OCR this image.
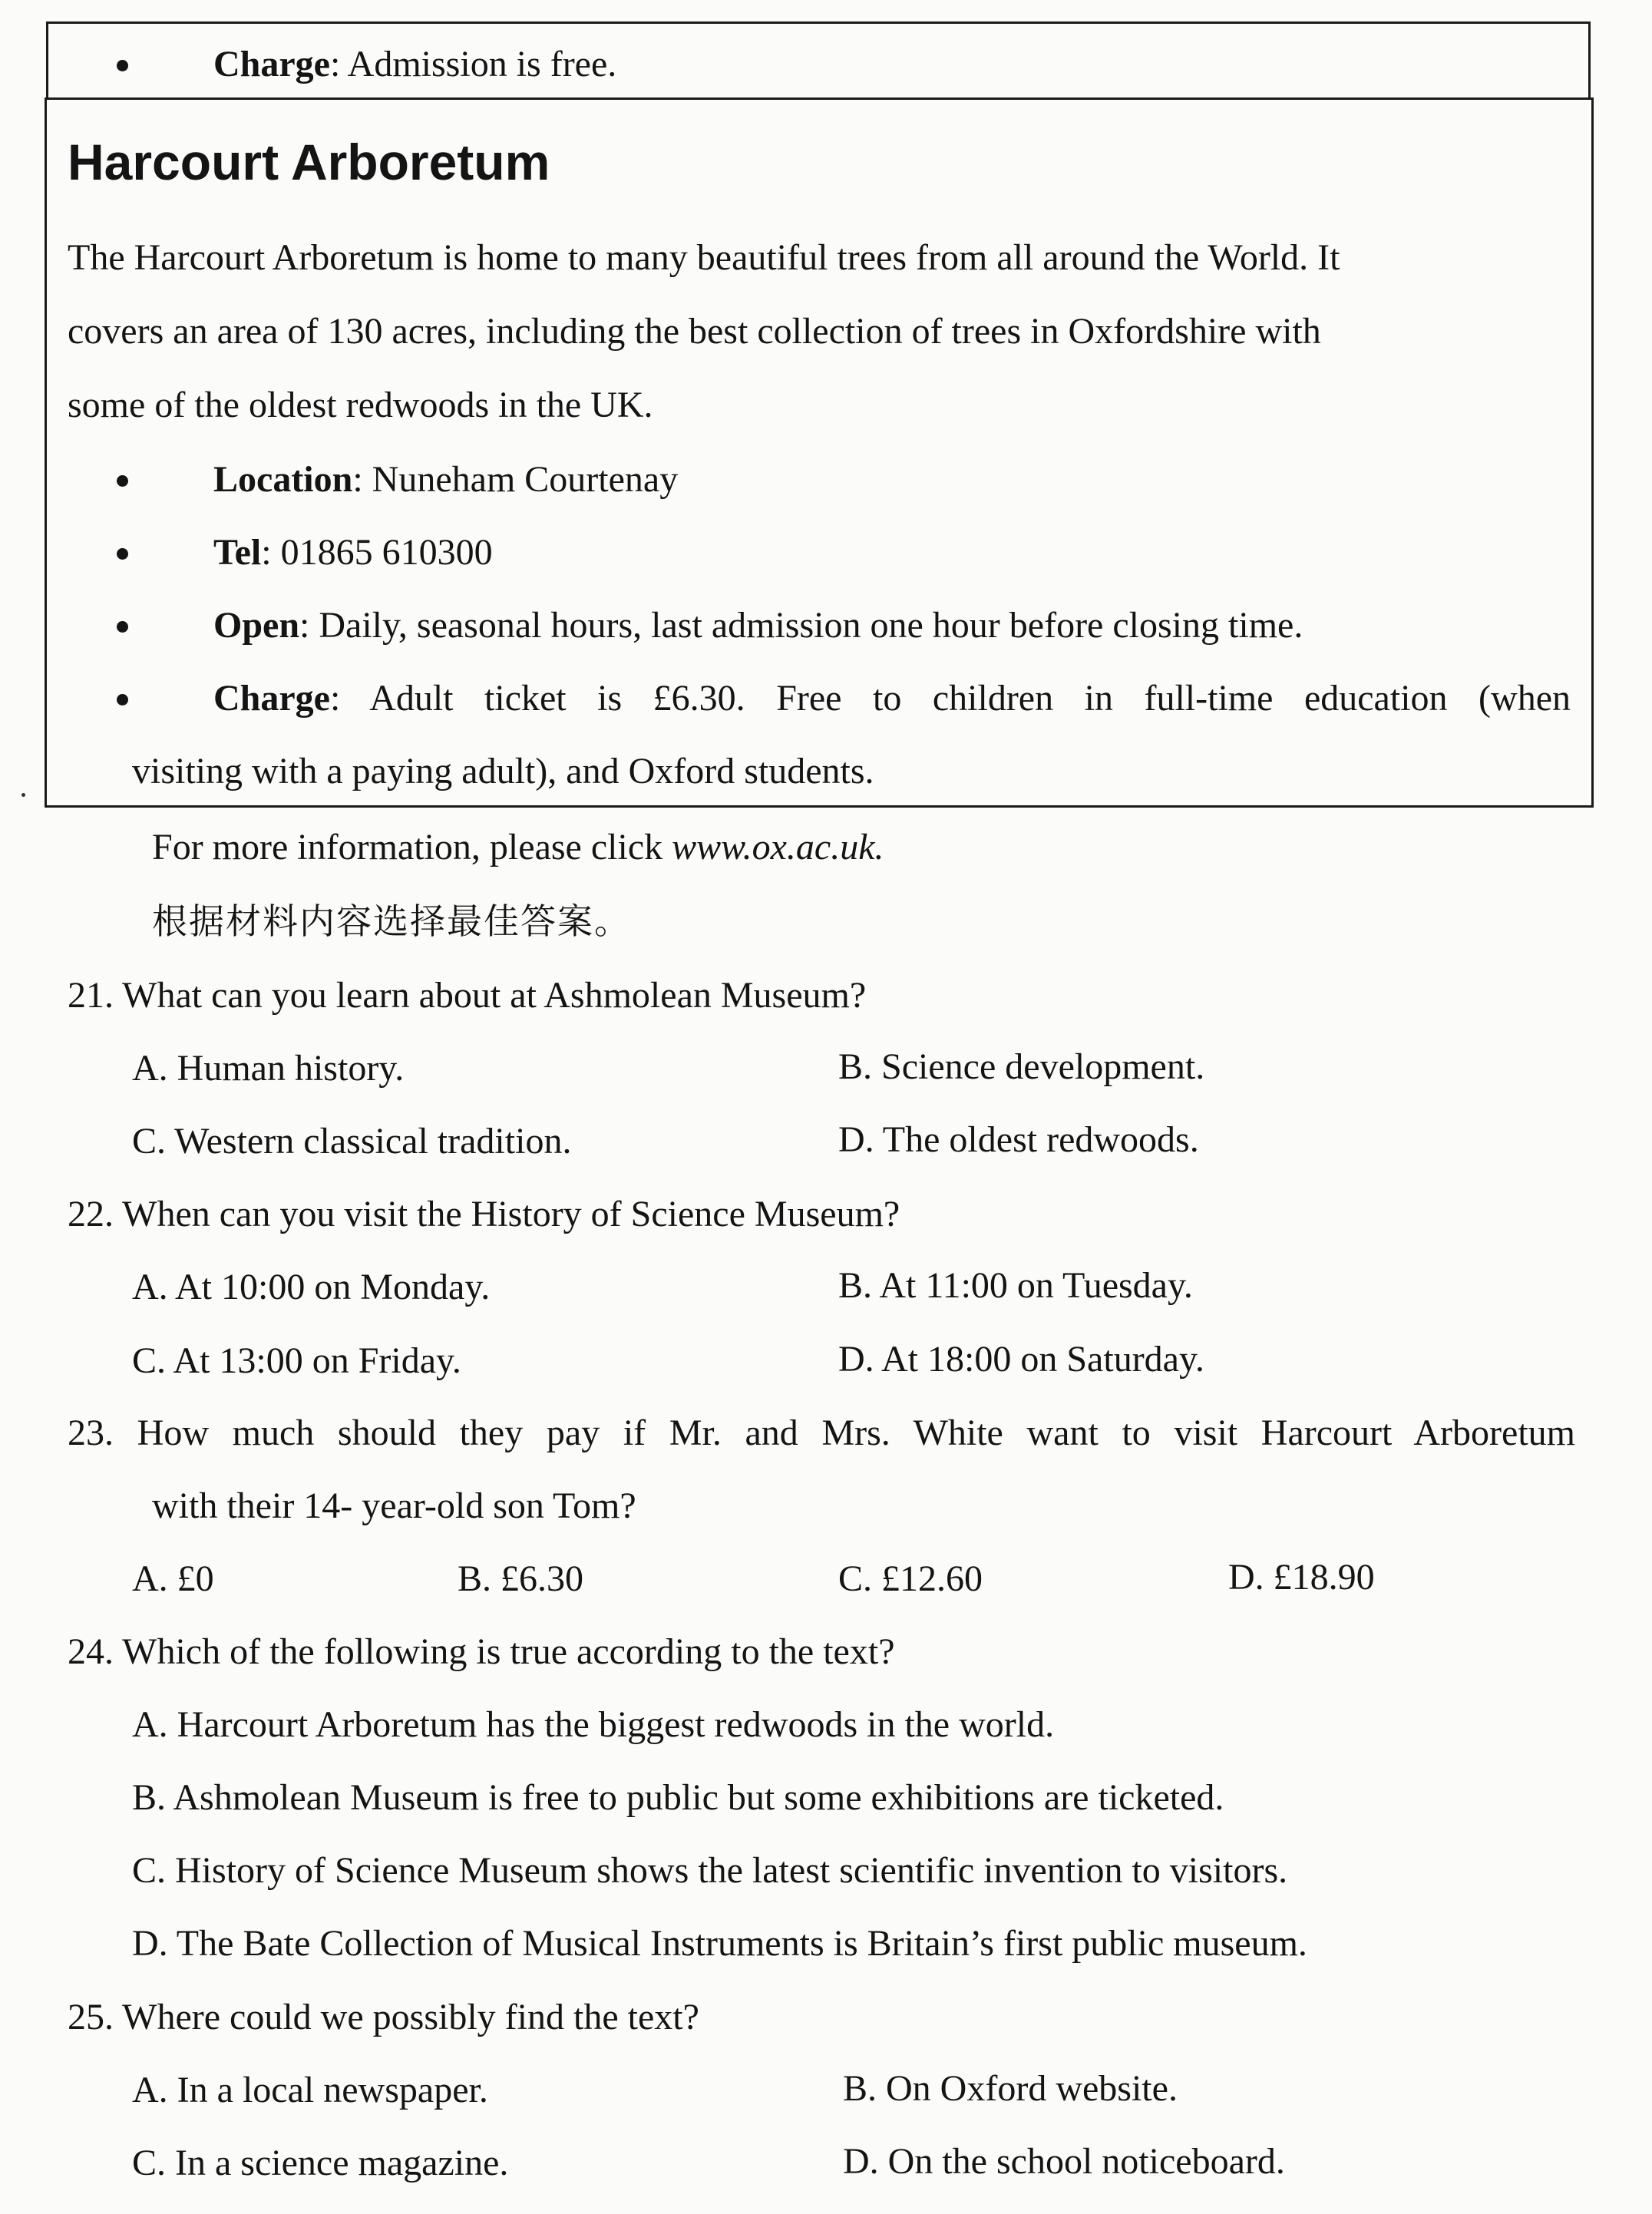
Charge: Admission is free.
Harcourt Arboretum
The Harcourt Arboretum is home to many beautiful trees from all around the World. It
covers an area of 130 acres, including the best collection of trees in Oxfordshire with
some of the oldest redwoods in the UK.
Location: Nuneham Courtenay
Tel: 01865 610300
Open: Daily, seasonal hours, last admission one hour before closing time.
Charge: Adult ticket is £6.30. Free to children in full-time education (when
visiting with a paying adult), and Oxford students.
For more information, please click www.ox.ac.uk.
根据材料内容选择最佳答案。
21. What can you learn about at Ashmolean Museum?
A. Human history.	B. Science development.
C. Western classical tradition.	D. The oldest redwoods.
22. When can you visit the History of Science Museum?
A. At 10:00 on Monday.	B. At 11:00 on Tuesday.
C. At 13:00 on Friday.	D. At 18:00 on Saturday.
23. How much should they pay if Mr. and Mrs. White want to visit Harcourt Arboretum
with their 14- year-old son Tom?
A. £0	B. £6.30	C. £12.60	D. £18.90
24. Which of the following is true according to the text?
A. Harcourt Arboretum has the biggest redwoods in the world.
B. Ashmolean Museum is free to public but some exhibitions are ticketed.
C. History of Science Museum shows the latest scientific invention to visitors.
D. The Bate Collection of Musical Instruments is Britain’s first public museum.
25. Where could we possibly find the text?
A. In a local newspaper.	B. On Oxford website.
C. In a science magazine.	D. On the school noticeboard.
